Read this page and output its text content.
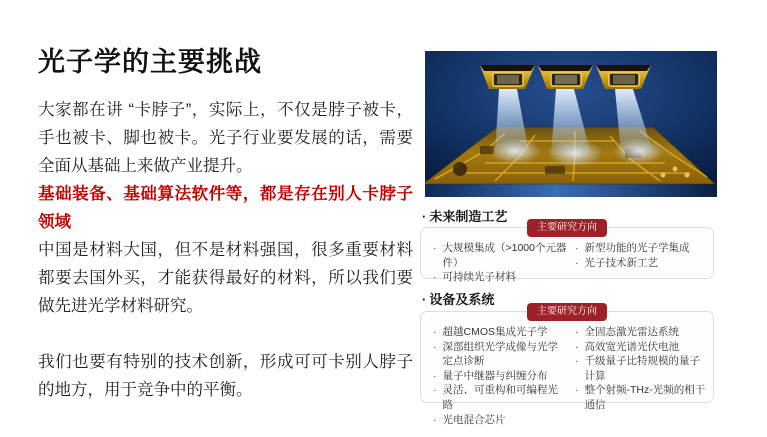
光子学的主要挑战

大家都在讲 “卡脖子”，实际上，不仅是脖子被卡，手也被卡、脚也被卡。光子行业要发展的话，需要全面从基础上来做产业提升。

基础装备、基础算法软件等，都是存在别人卡脖子领域

中国是材料大国，但不是材料强国，很多重要材料都要去国外买，才能获得最好的材料，所以我们要做先进光学材料研究。

我们也要有特别的技术创新，形成可可卡别人脖子的地方，用于竞争中的平衡。

· 未来制造工艺
主要研究方向
· 大规模集成（>1000个元器件）
· 可持续光子材料
· 新型功能的光子学集成
· 光子技术新工艺
· 设备及系统
主要研究方向
· 超越CMOS集成光子学
· 深部组织光学成像与光学定点诊断
· 量子中继器与纠缠分布
· 灵活、可重构和可编程光路
· 光电混合芯片
· 全固态激光雷达系统
· 高效宽光谱光伏电池
· 千级量子比特规模的量子计算
· 整个射频-THz-光频的相干通信
